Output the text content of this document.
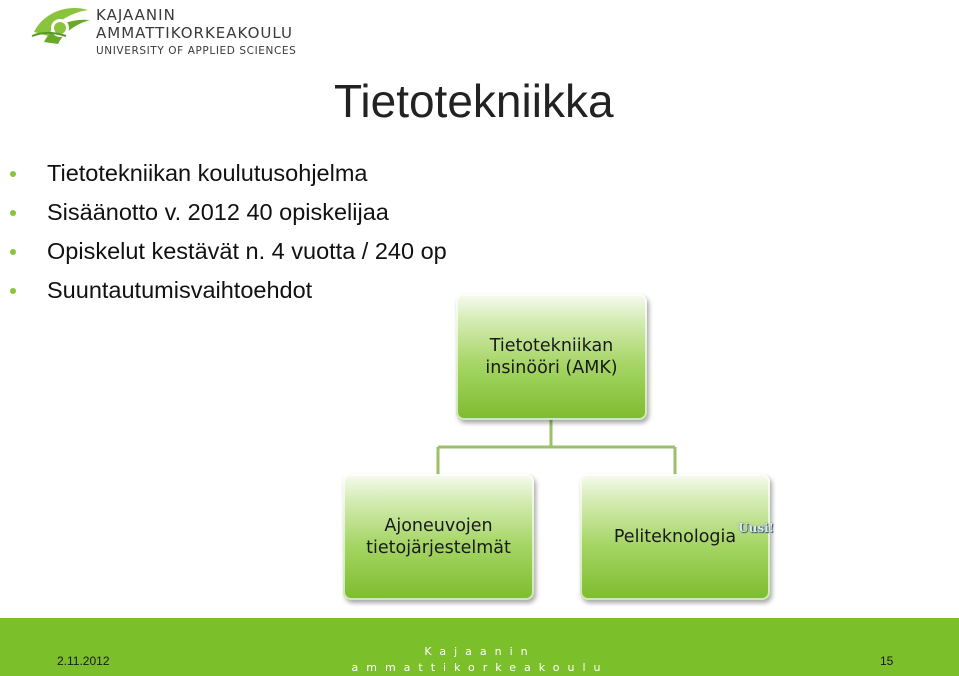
KAJAANIN
AMMATTIKORKEAKOULU
UNIVERSITY OF APPLIED SCIENCES
Tietotekniikka
Tietotekniikan koulutusohjelma
Sisäänotto v. 2012 40 opiskelijaa
Opiskelut kestävät n. 4 vuotta / 240 op
Suuntautumisvaihtoehdot
Tietotekniikan
insinööri (AMK)
Ajoneuvojen
tietojärjestelmät
Peliteknologia Uusi!
2.11.2012
Kajaanin
ammattikorkeakoulu	15
